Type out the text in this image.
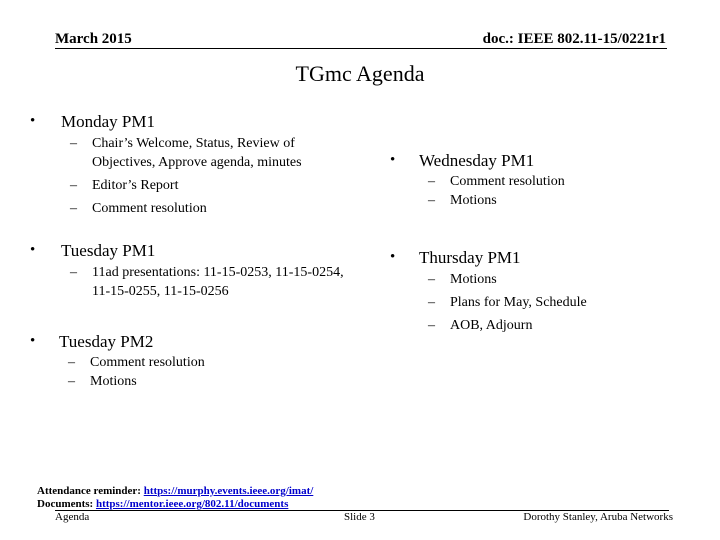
March 2015	doc.: IEEE 802.11-15/0221r1
TGmc Agenda
• Monday PM1
– Chair’s Welcome, Status, Review of Objectives, Approve agenda, minutes
– Editor’s Report
– Comment resolution
• Tuesday PM1
– 11ad presentations: 11-15-0253, 11-15-0254, 11-15-0255, 11-15-0256
• Tuesday PM2
– Comment resolution
– Motions
• Wednesday PM1
– Comment resolution
– Motions
• Thursday PM1
– Motions
– Plans for May, Schedule
– AOB, Adjourn
Attendance reminder: https://murphy.events.ieee.org/imat/
Documents: https://mentor.ieee.org/802.11/documents
Agenda	Slide 3	Dorothy Stanley, Aruba Networks
